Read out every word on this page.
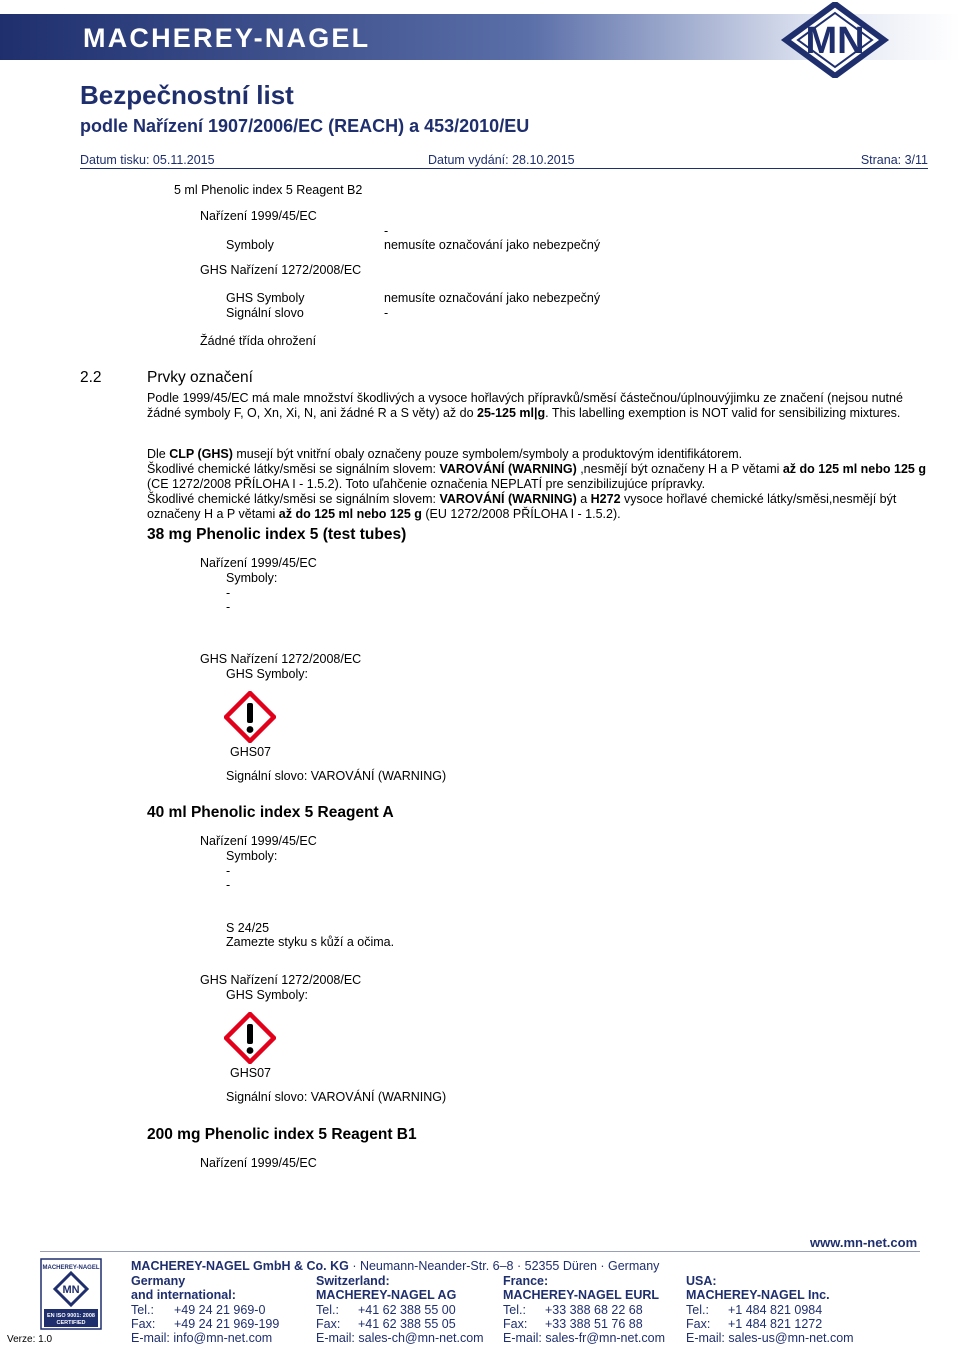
MACHEREY-NAGEL	MN
Bezpečnostní list
podle Nařízení 1907/2006/EC (REACH) a 453/2010/EU
Datum tisku: 05.11.2015	Datum vydání: 28.10.2015	Strana: 3/11
5 ml Phenolic index 5 Reagent B2
Nařízení 1999/45/EC
-
Symboly	nemusíte označování jako nebezpečný
GHS Nařízení 1272/2008/EC
GHS Symboly	nemusíte označování jako nebezpečný
Signální slovo	-
Žádné třída ohrožení
2.2	Prvky označení
Podle 1999/45/EC má male množství škodlivých a vysoce hořlavých přípravků/směsí částečnou/úplnouvýjimku ze značení (nejsou nutné žádné symboly F, O, Xn, Xi, N, ani žádné R a S věty) až do 25-125 ml|g. This labelling exemption is NOT valid for sensibilizing mixtures.
Dle CLP (GHS) musejí být vnitřní obaly označeny pouze symbolem/symboly a produktovým identifikátorem.
Škodlivé chemické látky/směsi se signálním slovem: VAROVÁNÍ (WARNING) ,nesmějí být označeny H a P větami až do 125 ml nebo 125 g (CE 1272/2008 PŘÍLOHA I - 1.5.2). Toto uľahčenie označenia NEPLATÍ pre senzibilizujúce prípravky.
Škodlivé chemické látky/směsi se signálním slovem: VAROVÁNÍ (WARNING) a H272 vysoce hořlavé chemické látky/směsi,nesmějí být označeny H a P větami až do 125 ml nebo 125 g (EU 1272/2008 PŘÍLOHA I - 1.5.2).
38 mg Phenolic index 5 (test tubes)
Nařízení 1999/45/EC
Symboly:
-
-
GHS Nařízení 1272/2008/EC
GHS Symboly:
GHS07
Signální slovo: VAROVÁNÍ (WARNING)
40 ml Phenolic index 5 Reagent A
Nařízení 1999/45/EC
Symboly:
-
-
S 24/25
Zamezte styku s kůží a očima.
GHS Nařízení 1272/2008/EC
GHS Symboly:
GHS07
Signální slovo: VAROVÁNÍ (WARNING)
200 mg Phenolic index 5 Reagent B1
Nařízení 1999/45/EC
www.mn-net.com
MACHEREY-NAGEL
MN
EN ISO 9001: 2008
CERTIFIED
Verze: 1.0
MACHEREY-NAGEL GmbH & Co. KG · Neumann-Neander-Str. 6–8 · 52355 Düren · Germany
Germany
and international:
Tel.: +49 24 21 969-0
Fax: +49 24 21 969-199
E-mail: info@mn-net.com
Switzerland:
MACHEREY-NAGEL AG
Tel.: +41 62 388 55 00
Fax: +41 62 388 55 05
E-mail: sales-ch@mn-net.com
France:
MACHEREY-NAGEL EURL
Tel.: +33 388 68 22 68
Fax: +33 388 51 76 88
E-mail: sales-fr@mn-net.com
USA:
MACHEREY-NAGEL Inc.
Tel.: +1 484 821 0984
Fax: +1 484 821 1272
E-mail: sales-us@mn-net.com
